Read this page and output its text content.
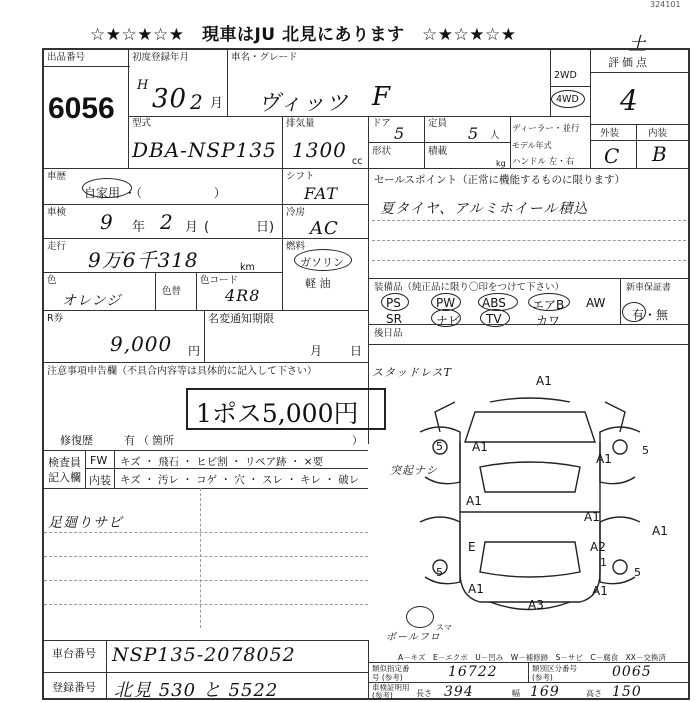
☆★☆★☆★　現車はJU 北見にあります　☆★☆★☆★
324101
土
出品番号
6056
初度登録年月
H 30 2 月
車名・グレード
ヴィッツ F
2WD
4WD
評価点
4
外装	内装
C B
型式
DBA-NSP135
排気量
1300 cc
ドア
5
定員
5 人
形状	積載
kg
ディーラー・並行
モデル年式
ハンドル 左・右
車歴
自家用 ・（　　　　　　）
シフト
FAT
車検 9 年 2 月 (	日)
冷房
AC
走行
9万6千318	km
燃料
ガソリン
軽 油
色
オレンジ
色替
色コード
4R8
セールスポイント（正常に機能するものに限ります）
夏タイヤ、アルミホイール積込
装備品（純正品に限り〇印をつけて下さい）	新車保証書
PS	PW ABS エアB AW
SR	ナビ TV	カワ	有・無
R券
9,000 円
名変通知期限
月 日
後日品
注意事項申告欄（不具合内容等は具体的に記入して下さい）
1ポス5,000円
修復歴	有 （ 箇所	）
検査員記入欄
FW キズ ・ 飛石 ・ ヒビ割 ・ リペア跡 ・ ×要
内装 キズ ・ 汚レ ・ コゲ ・ 穴 ・ スレ ・ キレ ・ 破レ
足廻りサビ
スタッドレスT
A1
5 A1
A1
5
A1
A1
E
A1
A2
1
5	5
A1
A3
A1
突起ナシ
スマ
ポールフロ
車台番号 NSP135-2078052
登録番号 北見 530 と 5522
A－キズ　E－エクボ　U－凹み　W－補修跡　S－サビ　C－腐食　XX－交換済
類似指定番号 (参考)	16722	類別区分番号 (参考)	0065
車検証明用 (参考)	長さ 394	幅 169	高さ 150
